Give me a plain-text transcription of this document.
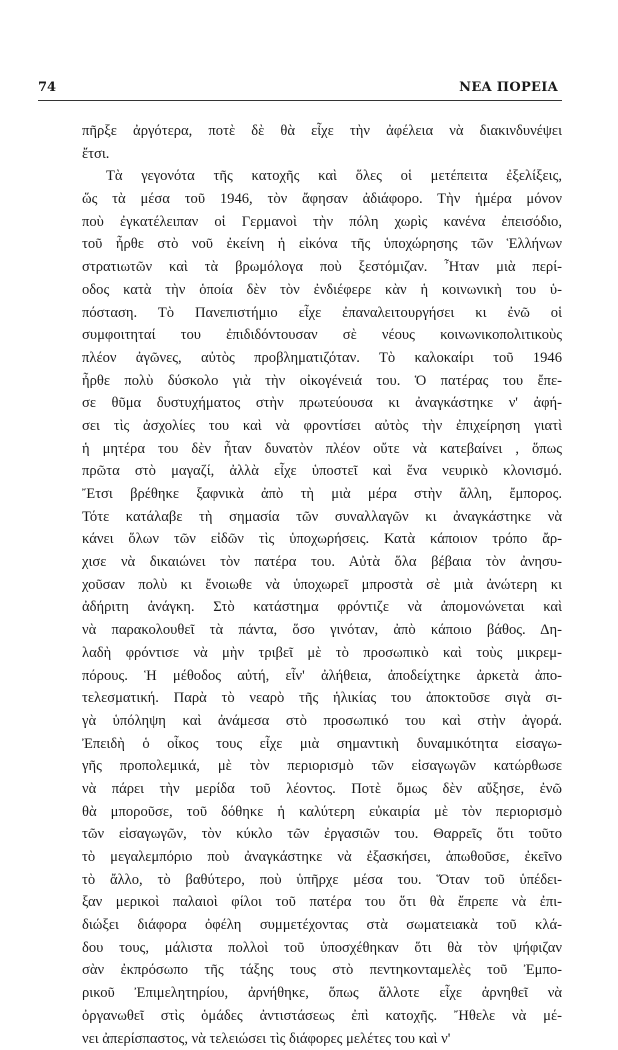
74	ΝΕΑ ΠΟΡΕΙΑ
πῆρξε ἀργότερα, ποτὲ δὲ θὰ εἶχε τὴν ἀφέλεια νὰ διακινδυνέψει
ἔτσι.
Τὰ γεγονότα τῆς κατοχῆς καὶ ὅλες οἱ μετέπειτα ἐξελίξεις,
ὥς τὰ μέσα τοῦ 1946, τὸν ἄφησαν ἀδιάφορο. Τὴν ἡμέρα μόνον
ποὺ ἐγκατέλειπαν οἱ Γερμανοὶ τὴν πόλη χωρὶς κανένα ἐπεισόδιο,
τοῦ ἦρθε στὸ νοῦ ἐκείνη ἡ εἰκόνα τῆς ὑποχώρησης τῶν Ἑλλήνων
στρατιωτῶν καὶ τὰ βρωμόλογα ποὺ ξεστόμιζαν. Ἦταν μιὰ περί-
οδος κατὰ τὴν ὁποία δὲν τὸν ἐνδιέφερε κὰν ἡ κοινωνικὴ του ὑ-
πόσταση. Τὸ Πανεπιστήμιο εἶχε ἐπαναλειτουργήσει κι ἐνῶ οἱ
συμφοιτηταί του ἐπιδιδόντουσαν σὲ νέους κοινωνικοπολιτικοὺς
πλέον ἀγῶνες, αὐτὸς προβληματιζόταν. Τὸ καλοκαίρι τοῦ 1946
ἦρθε πολὺ δύσκολο γιὰ τὴν οἰκογένειά του. Ὁ πατέρας του ἔπε-
σε θῦμα δυστυχήματος στὴν πρωτεύουσα κι ἀναγκάστηκε ν' ἀφή-
σει τὶς ἀσχολίες του καὶ νὰ φροντίσει αὐτὸς τὴν ἐπιχείρηση γιατὶ
ἡ μητέρα του δὲν ἦταν δυνατὸν πλέον οὔτε νὰ κατεβαίνει , ὅπως
πρῶτα στὸ μαγαζί, ἀλλὰ εἶχε ὑποστεῖ καὶ ἕνα νευρικὸ κλονισμό.
Ἔτσι βρέθηκε ξαφνικὰ ἀπὸ τὴ μιὰ μέρα στὴν ἄλλη, ἔμπορος.
Τότε κατάλαβε τὴ σημασία τῶν συναλλαγῶν κι ἀναγκάστηκε νὰ
κάνει ὅλων τῶν εἰδῶν τὶς ὑποχωρήσεις. Κατὰ κάποιον τρόπο ἄρ-
χισε νὰ δικαιώνει τὸν πατέρα του. Αὐτὰ ὅλα βέβαια τὸν ἀνησυ-
χοῦσαν πολὺ κι ἔνοιωθε νὰ ὑποχωρεῖ μπροστὰ σὲ μιὰ ἀνώτερη κι
ἀδήριτη ἀνάγκη. Στὸ κατάστημα φρόντιζε νὰ ἀπομονώνεται καὶ
νὰ παρακολουθεῖ τὰ πάντα, ὅσο γινόταν, ἀπὸ κάποιο βάθος. Δη-
λαδὴ φρόντισε νὰ μὴν τριβεῖ μὲ τὸ προσωπικὸ καὶ τοὺς μικρεμ-
πόρους. Ἡ μέθοδος αὐτή, εἶν' ἀλήθεια, ἀποδείχτηκε ἀρκετὰ ἀπο-
τελεσματική. Παρὰ τὸ νεαρὸ τῆς ἡλικίας του ἀποκτοῦσε σιγὰ σι-
γὰ ὑπόληψη καὶ ἀνάμεσα στὸ προσωπικό του καὶ στὴν ἀγορά.
Ἐπειδὴ ὁ οἶκος τους εἶχε μιὰ σημαντικὴ δυναμικότητα εἰσαγω-
γῆς προπολεμικά, μὲ τὸν περιορισμὸ τῶν εἰσαγωγῶν κατώρθωσε
νὰ πάρει τὴν μερίδα τοῦ λέοντος. Ποτὲ ὅμως δὲν αὔξησε, ἐνῶ
θὰ μποροῦσε, τοῦ δόθηκε ἡ καλύτερη εὐκαιρία μὲ τὸν περιορισμὸ
τῶν εἰσαγωγῶν, τὸν κύκλο τῶν ἐργασιῶν του. Θαρρεῖς ὅτι τοῦτο
τὸ μεγαλεμπόριο ποὺ ἀναγκάστηκε νὰ ἐξασκήσει, ἀπωθοῦσε, ἐκεῖνο
τὸ ἄλλο, τὸ βαθύτερο, ποὺ ὑπῆρχε μέσα του. Ὅταν τοῦ ὑπέδει-
ξαν μερικοὶ παλαιοὶ φίλοι τοῦ πατέρα του ὅτι θὰ ἔπρεπε νὰ ἐπι-
διώξει διάφορα ὀφέλη συμμετέχοντας στὰ σωματειακὰ τοῦ κλά-
δου τους, μάλιστα πολλοὶ τοῦ ὑποσχέθηκαν ὅτι θὰ τὸν ψήφιζαν
σὰν ἐκπρόσωπο τῆς τάξης τους στὸ πεντηκονταμελὲς τοῦ Ἐμπο-
ρικοῦ Ἐπιμελητηρίου, ἀρνήθηκε, ὅπως ἄλλοτε εἶχε ἀρνηθεῖ νὰ
ὀργανωθεῖ στὶς ὁμάδες ἀντιστάσεως ἐπὶ κατοχῆς. Ἤθελε νὰ μέ-
νει ἀπερίσπαστος, νὰ τελειώσει τὶς διάφορες μελέτες του καὶ ν'
